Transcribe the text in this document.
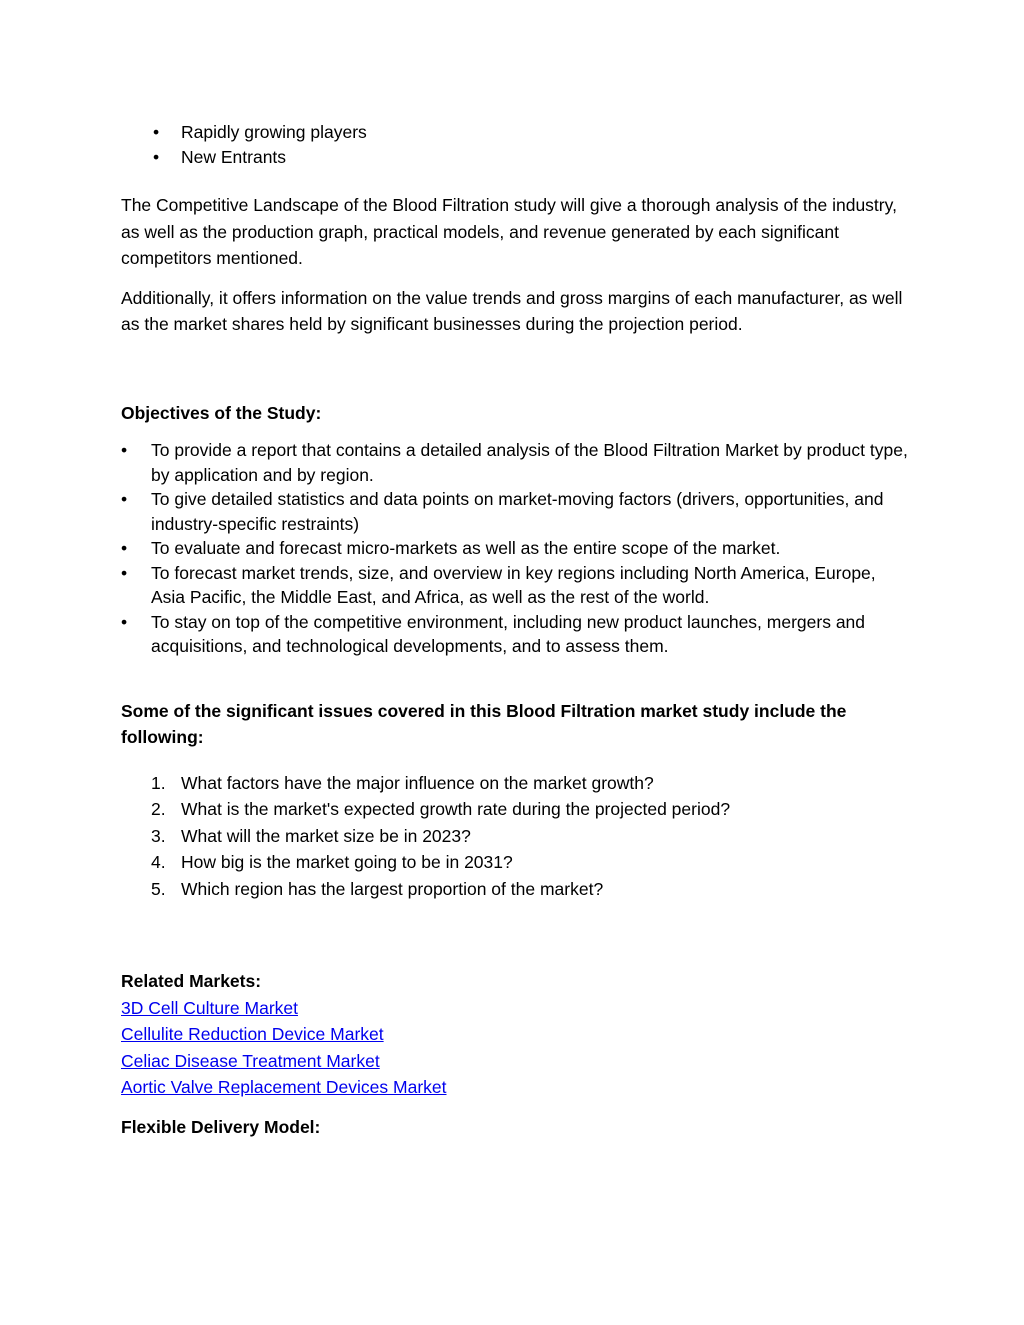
• Rapidly growing players
• New Entrants

The Competitive Landscape of the Blood Filtration study will give a thorough analysis of the industry, as well as the production graph, practical models, and revenue generated by each significant competitors mentioned.

Additionally, it offers information on the value trends and gross margins of each manufacturer, as well as the market shares held by significant businesses during the projection period.

Objectives of the Study:

• To provide a report that contains a detailed analysis of the Blood Filtration Market by product type, by application and by region.
• To give detailed statistics and data points on market-moving factors (drivers, opportunities, and industry-specific restraints)
• To evaluate and forecast micro-markets as well as the entire scope of the market.
• To forecast market trends, size, and overview in key regions including North America, Europe, Asia Pacific, the Middle East, and Africa, as well as the rest of the world.
• To stay on top of the competitive environment, including new product launches, mergers and acquisitions, and technological developments, and to assess them.

Some of the significant issues covered in this Blood Filtration market study include the following:

1. What factors have the major influence on the market growth?
2. What is the market's expected growth rate during the projected period?
3. What will the market size be in 2023?
4. How big is the market going to be in 2031?
5. Which region has the largest proportion of the market?

Related Markets:

3D Cell Culture Market
Cellulite Reduction Device Market
Celiac Disease Treatment Market
Aortic Valve Replacement Devices Market

Flexible Delivery Model:
